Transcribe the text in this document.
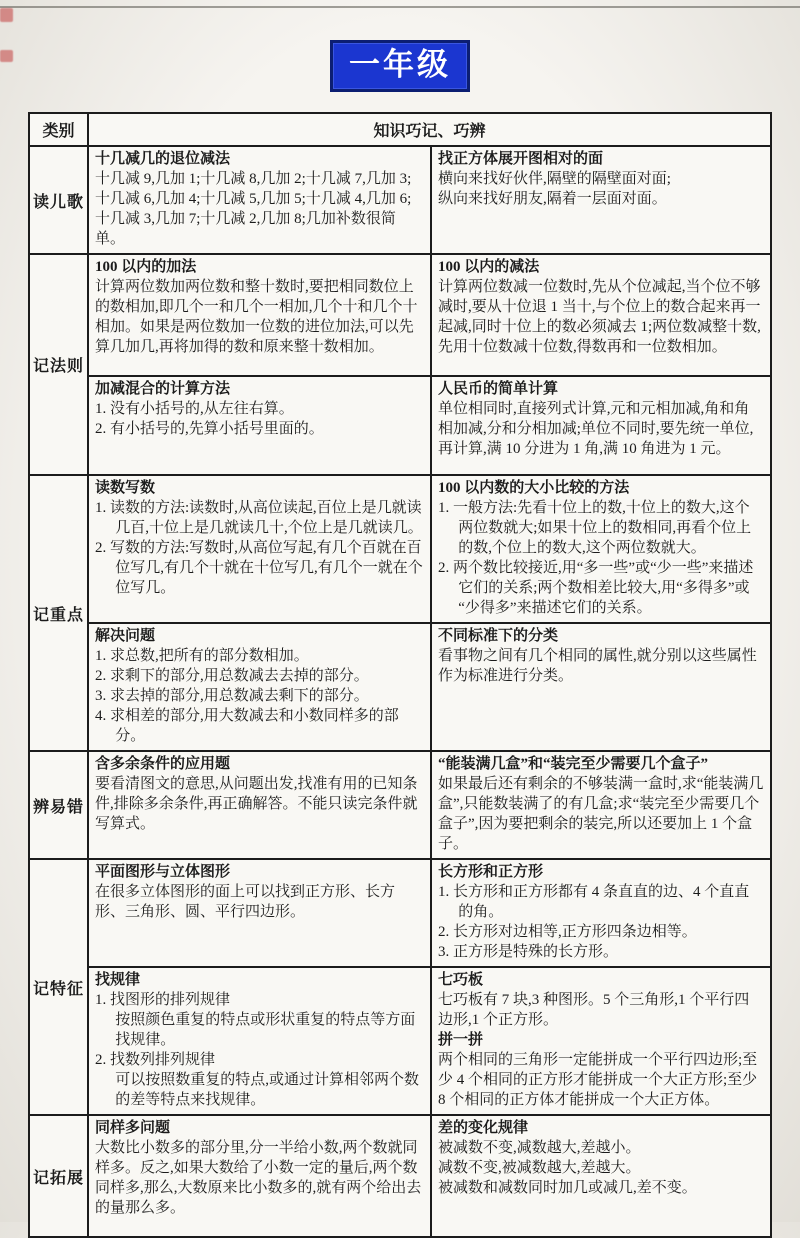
一年级
类别	知识巧记、巧辨
读儿歌
十几减几的退位减法

十几减 9,几加 1;十几减 8,几加 2;十几减 7,几加 3;十几减 6,几加 4;十几减 5,几加 5;十几减 4,几加 6;十几减 3,几加 7;十几减 2,几加 8;几加补数很简单。

找正方体展开图相对的面

横向来找好伙伴,隔壁的隔壁面对面;

纵向来找好朋友,隔着一层面对面。

记法则
100 以内的加法

计算两位数加两位数和整十数时,要把相同数位上的数相加,即几个一和几个一相加,几个十和几个十相加。如果是两位数加一位数的进位加法,可以先算几加几,再将加得的数和原来整十数相加。

100 以内的减法

计算两位数减一位数时,先从个位减起,当个位不够减时,要从十位退 1 当十,与个位上的数合起来再一起减,同时十位上的数必须减去 1;两位数减整十数,先用十位数减十位数,得数再和一位数相加。

加减混合的计算方法

1. 没有小括号的,从左往右算。

2. 有小括号的,先算小括号里面的。

人民币的简单计算

单位相同时,直接列式计算,元和元相加减,角和角相加减,分和分相加减;单位不同时,要先统一单位,再计算,满 10 分进为 1 角,满 10 角进为 1 元。

记重点
读数写数

1. 读数的方法:读数时,从高位读起,百位上是几就读几百,十位上是几就读几十,个位上是几就读几。

2. 写数的方法:写数时,从高位写起,有几个百就在百位写几,有几个十就在十位写几,有几个一就在个位写几。

100 以内数的大小比较的方法

1. 一般方法:先看十位上的数,十位上的数大,这个两位数就大;如果十位上的数相同,再看个位上的数,个位上的数大,这个两位数就大。

2. 两个数比较接近,用“多一些”或“少一些”来描述它们的关系;两个数相差比较大,用“多得多”或“少得多”来描述它们的关系。

解决问题

1. 求总数,把所有的部分数相加。

2. 求剩下的部分,用总数减去去掉的部分。

3. 求去掉的部分,用总数减去剩下的部分。

4. 求相差的部分,用大数减去和小数同样多的部分。

不同标准下的分类

看事物之间有几个相同的属性,就分别以这些属性作为标准进行分类。

辨易错
含多余条件的应用题

要看清图文的意思,从问题出发,找准有用的已知条件,排除多余条件,再正确解答。不能只读完条件就写算式。

“能装满几盒”和“装完至少需要几个盒子”

如果最后还有剩余的不够装满一盒时,求“能装满几盒”,只能数装满了的有几盒;求“装完至少需要几个盒子”,因为要把剩余的装完,所以还要加上 1 个盒子。

记特征
平面图形与立体图形

在很多立体图形的面上可以找到正方形、长方形、三角形、圆、平行四边形。

长方形和正方形

1. 长方形和正方形都有 4 条直直的边、4 个直直的角。

2. 长方形对边相等,正方形四条边相等。

3. 正方形是特殊的长方形。

找规律

1. 找图形的排列规律

按照颜色重复的特点或形状重复的特点等方面找规律。

2. 找数列排列规律

可以按照数重复的特点,或通过计算相邻两个数的差等特点来找规律。

七巧板

七巧板有 7 块,3 种图形。5 个三角形,1 个平行四边形,1 个正方形。

拼一拼

两个相同的三角形一定能拼成一个平行四边形;至少 4 个相同的正方形才能拼成一个大正方形;至少 8 个相同的正方体才能拼成一个大正方体。

记拓展
同样多问题

大数比小数多的部分里,分一半给小数,两个数就同样多。反之,如果大数给了小数一定的量后,两个数同样多,那么,大数原来比小数多的,就有两个给出去的量那么多。

差的变化规律

被减数不变,减数越大,差越小。

减数不变,被减数越大,差越大。

被减数和减数同时加几或减几,差不变。
